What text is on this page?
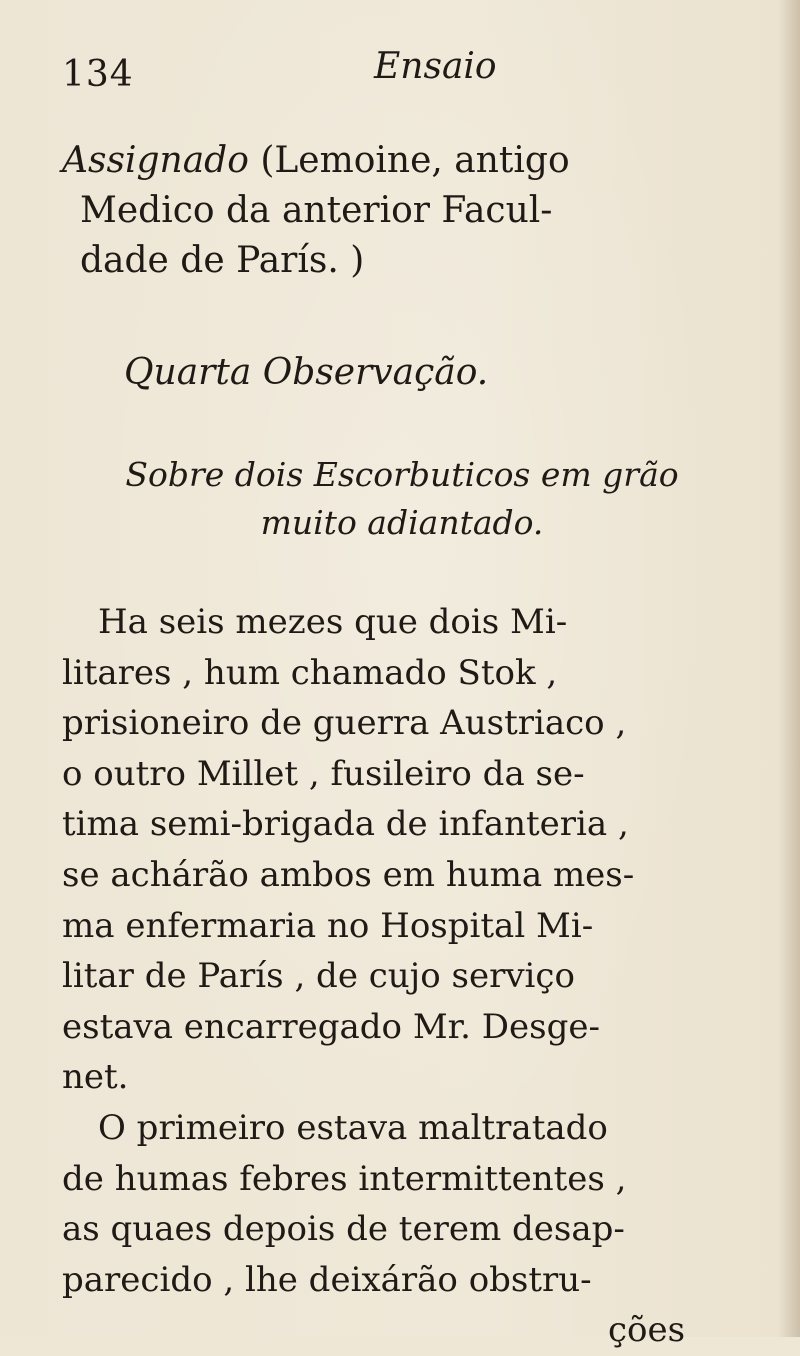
134	Ensaio
Assignado (Lemoine, antigo
Medico da anterior Facul-
dade de París. )
Quarta Observação.
Sobre dois Escorbuticos em grão
muito adiantado.
Ha seis mezes que dois Mi-
litares , hum chamado Stok ,
prisioneiro de guerra Austriaco ,
o outro Millet , fusileiro da se-
tima semi-brigada de infanteria ,
se achárão ambos em huma mes-
ma enfermaria no Hospital Mi-
litar de París , de cujo serviço
estava encarregado Mr. Desge-
net.
O primeiro estava maltratado
de humas febres intermittentes ,
as quaes depois de terem desap-
parecido , lhe deixárão obstru-
ções
